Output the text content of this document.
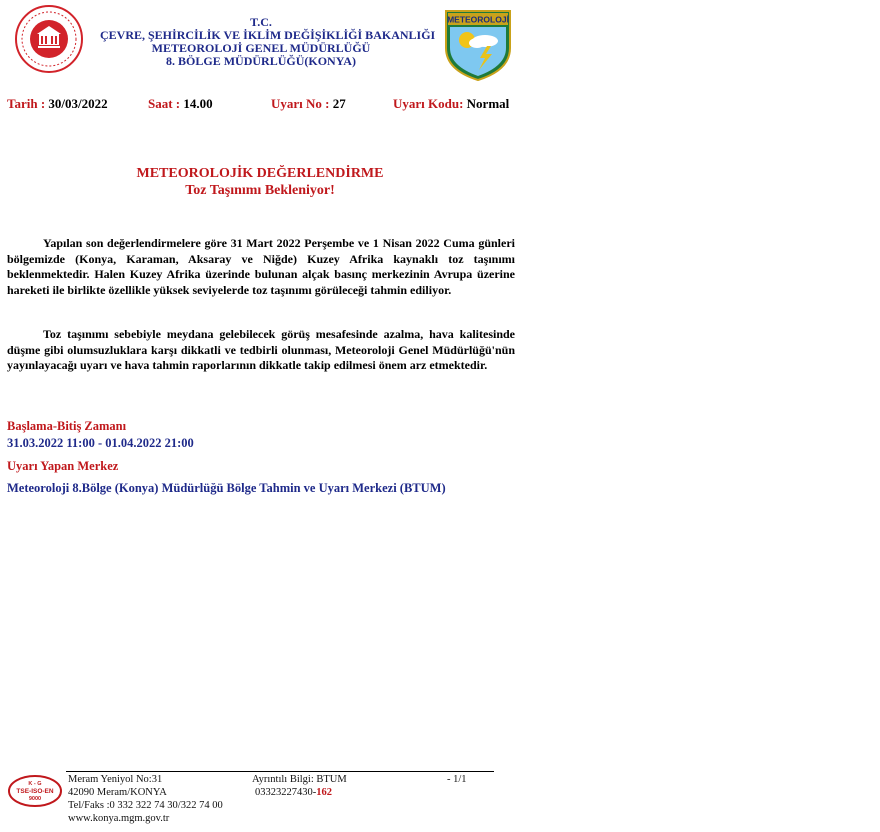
T.C.
ÇEVRE, ŞEHİRCİLİK VE İKLİM DEĞİŞİKLİĞİ BAKANLIĞI
METEOROLOJİ GENEL MÜDÜRLÜĞÜ
8. BÖLGE MÜDÜRLÜĞÜ(KONYA)
METEOROLOJİ
Tarih : 30/03/2022	Saat : 14.00	Uyarı No : 27	Uyarı Kodu: Normal
METEOROLOJİK DEĞERLENDİRME
Toz Taşınımı Bekleniyor!
Yapılan son değerlendirmelere göre 31 Mart 2022 Perşembe ve 1 Nisan 2022 Cuma günleri bölgemizde (Konya, Karaman, Aksaray ve Niğde) Kuzey Afrika kaynaklı toz taşınımı beklenmektedir. Halen Kuzey Afrika üzerinde bulunan alçak basınç merkezinin Avrupa üzerine hareketi ile birlikte özellikle yüksek seviyelerde toz taşınımı görüleceği tahmin ediliyor.
Toz taşınımı sebebiyle meydana gelebilecek görüş mesafesinde azalma, hava kalitesinde düşme gibi olumsuzluklara karşı dikkatli ve tedbirli olunması, Meteoroloji Genel Müdürlüğü'nün yayınlayacağı uyarı ve hava tahmin raporlarının dikkatle takip edilmesi önem arz etmektedir.
Başlama-Bitiş Zamanı
31.03.2022 11:00 - 01.04.2022 21:00
Uyarı Yapan Merkez
Meteoroloji 8.Bölge (Konya) Müdürlüğü Bölge Tahmin ve Uyarı Merkezi (BTUM)
K - G
TSE-ISO-EN
9000
Meram Yeniyol No:31
42090 Meram/KONYA
Tel/Faks :0 332 322 74 30/322 74 00
www.konya.mgm.gov.tr
Ayrıntılı Bilgi: BTUM
03323227430-162
- 1/1
